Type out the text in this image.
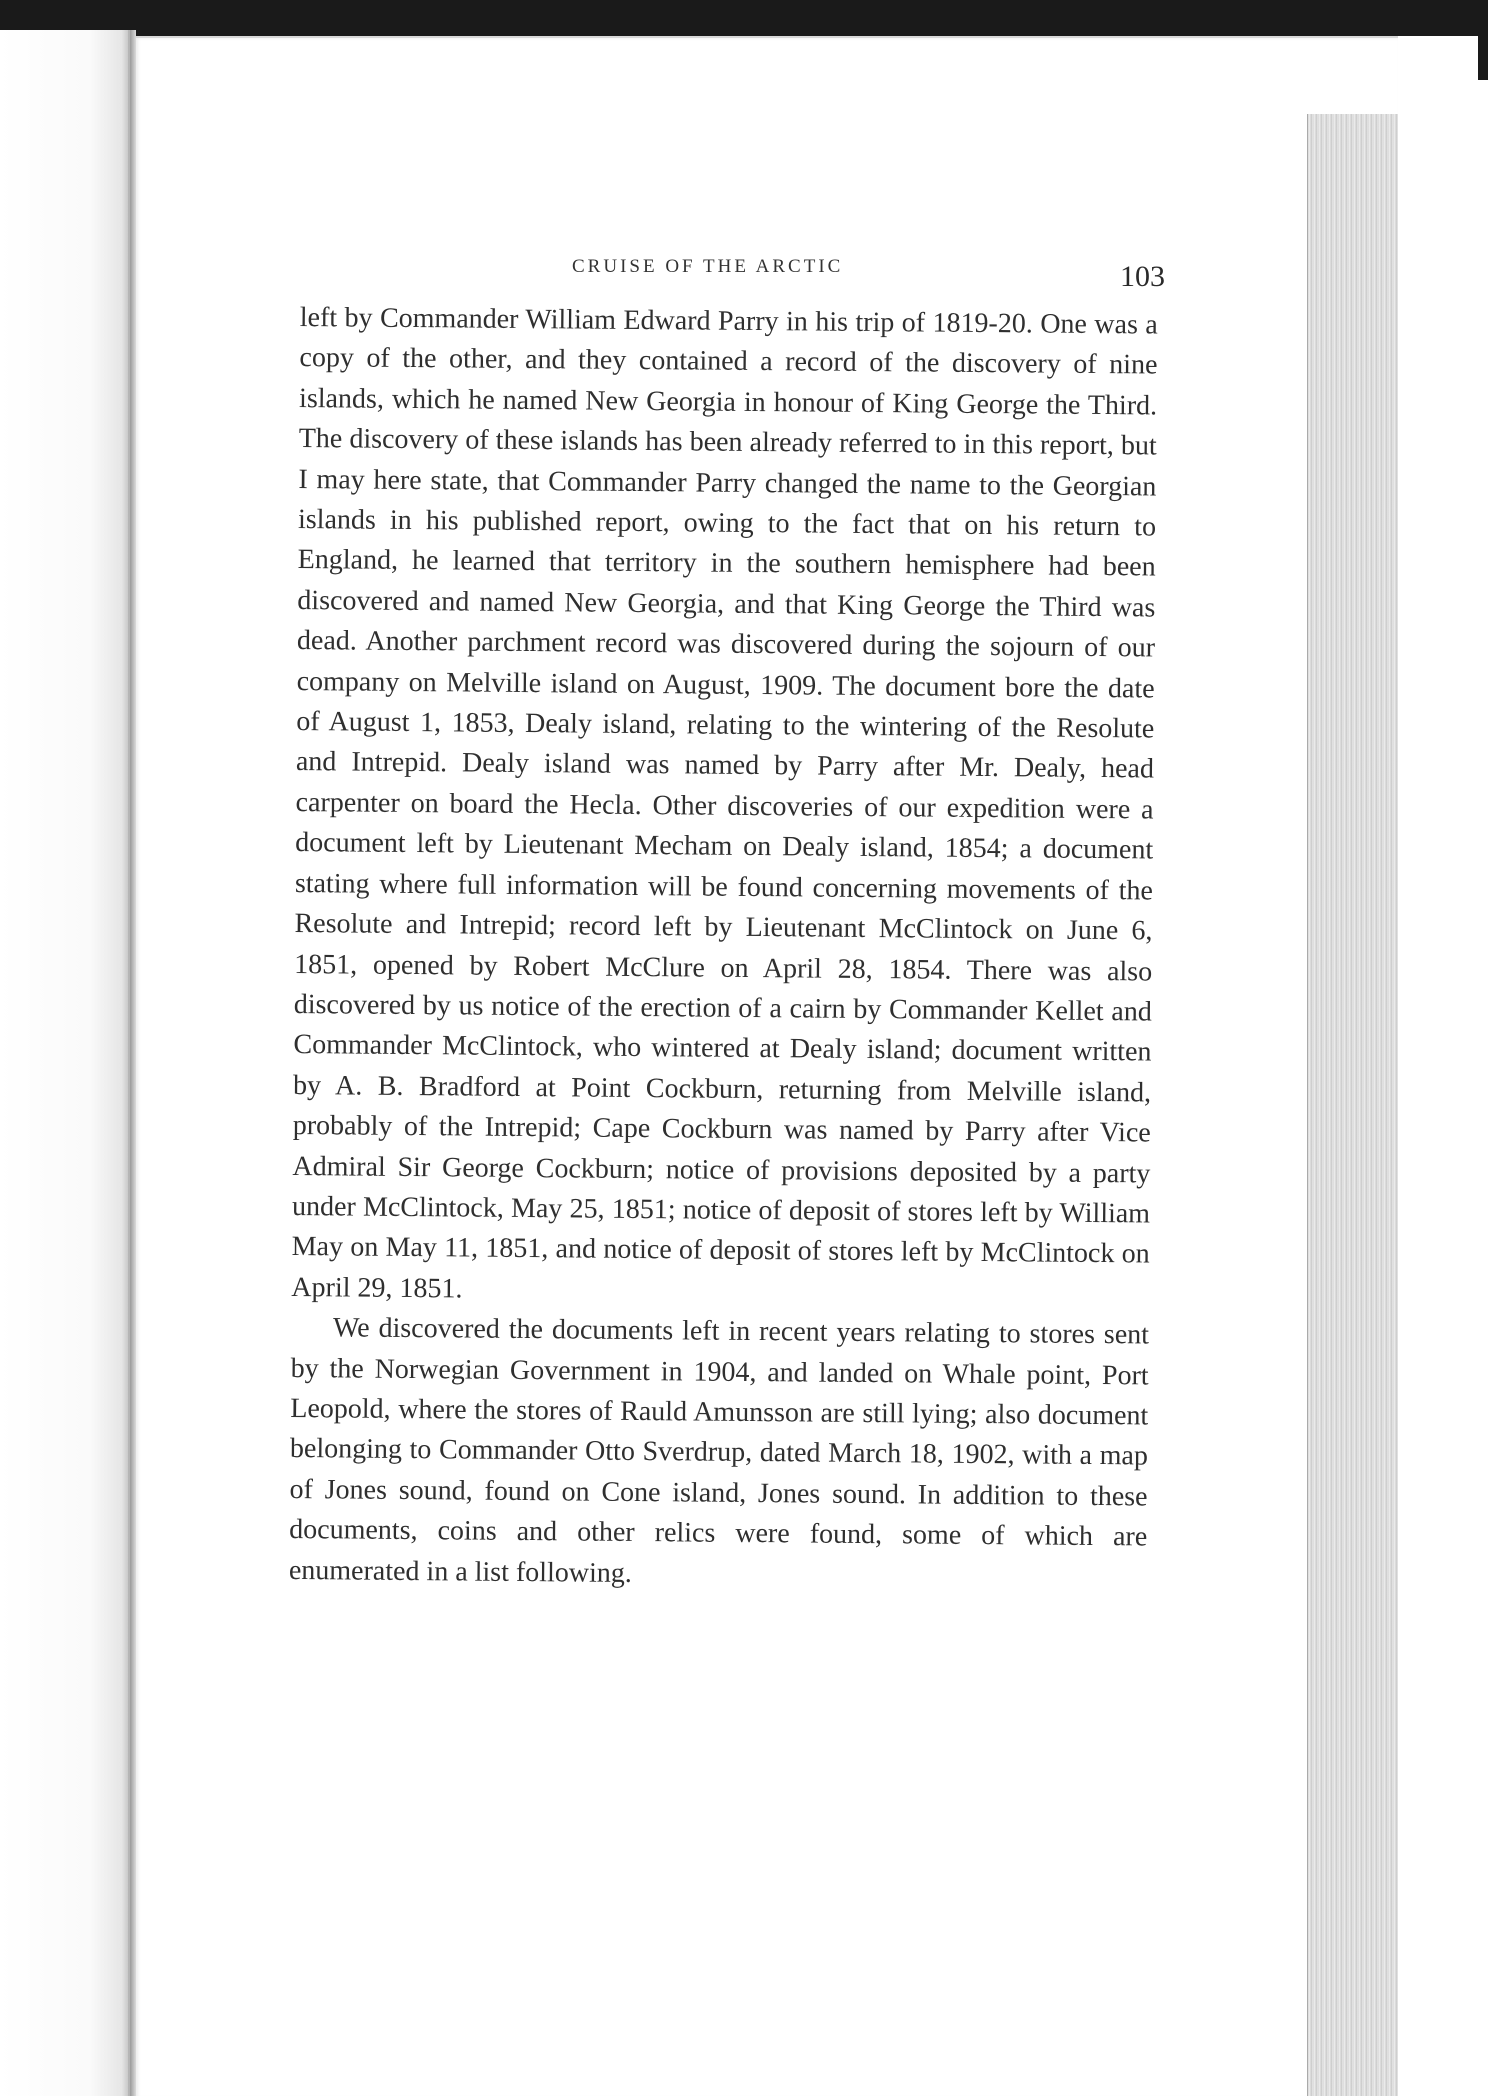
CRUISE OF THE ARCTIC	103

left by Commander William Edward Parry in his trip of 1819-20. One was a copy of the other, and they contained a record of the discovery of nine islands, which he named New Georgia in honour of King George the Third. The discovery of these islands has been already referred to in this report, but I may here state, that Commander Parry changed the name to the Georgian islands in his published report, owing to the fact that on his return to England, he learned that territory in the southern hemisphere had been discovered and named New Georgia, and that King George the Third was dead. Another parchment record was discovered during the sojourn of our company on Melville island on August, 1909. The document bore the date of August 1, 1853, Dealy island, relating to the wintering of the Resolute and Intrepid. Dealy island was named by Parry after Mr. Dealy, head carpenter on board the Hecla. Other discoveries of our expedition were a document left by Lieutenant Mecham on Dealy island, 1854; a document stating where full information will be found concerning movements of the Resolute and Intrepid; record left by Lieutenant McClintock on June 6, 1851, opened by Robert McClure on April 28, 1854. There was also discovered by us notice of the erection of a cairn by Commander Kellet and Commander McClintock, who wintered at Dealy island; document written by A. B. Bradford at Point Cockburn, returning from Melville island, probably of the Intrepid; Cape Cockburn was named by Parry after Vice Admiral Sir George Cockburn; notice of provisions deposited by a party under McClintock, May 25, 1851; notice of deposit of stores left by William May on May 11, 1851, and notice of deposit of stores left by McClintock on April 29, 1851.

We discovered the documents left in recent years relating to stores sent by the Norwegian Government in 1904, and landed on Whale point, Port Leopold, where the stores of Rauld Amunsson are still lying; also document belonging to Commander Otto Sverdrup, dated March 18, 1902, with a map of Jones sound, found on Cone island, Jones sound. In addition to these documents, coins and other relics were found, some of which are enumerated in a list following.
